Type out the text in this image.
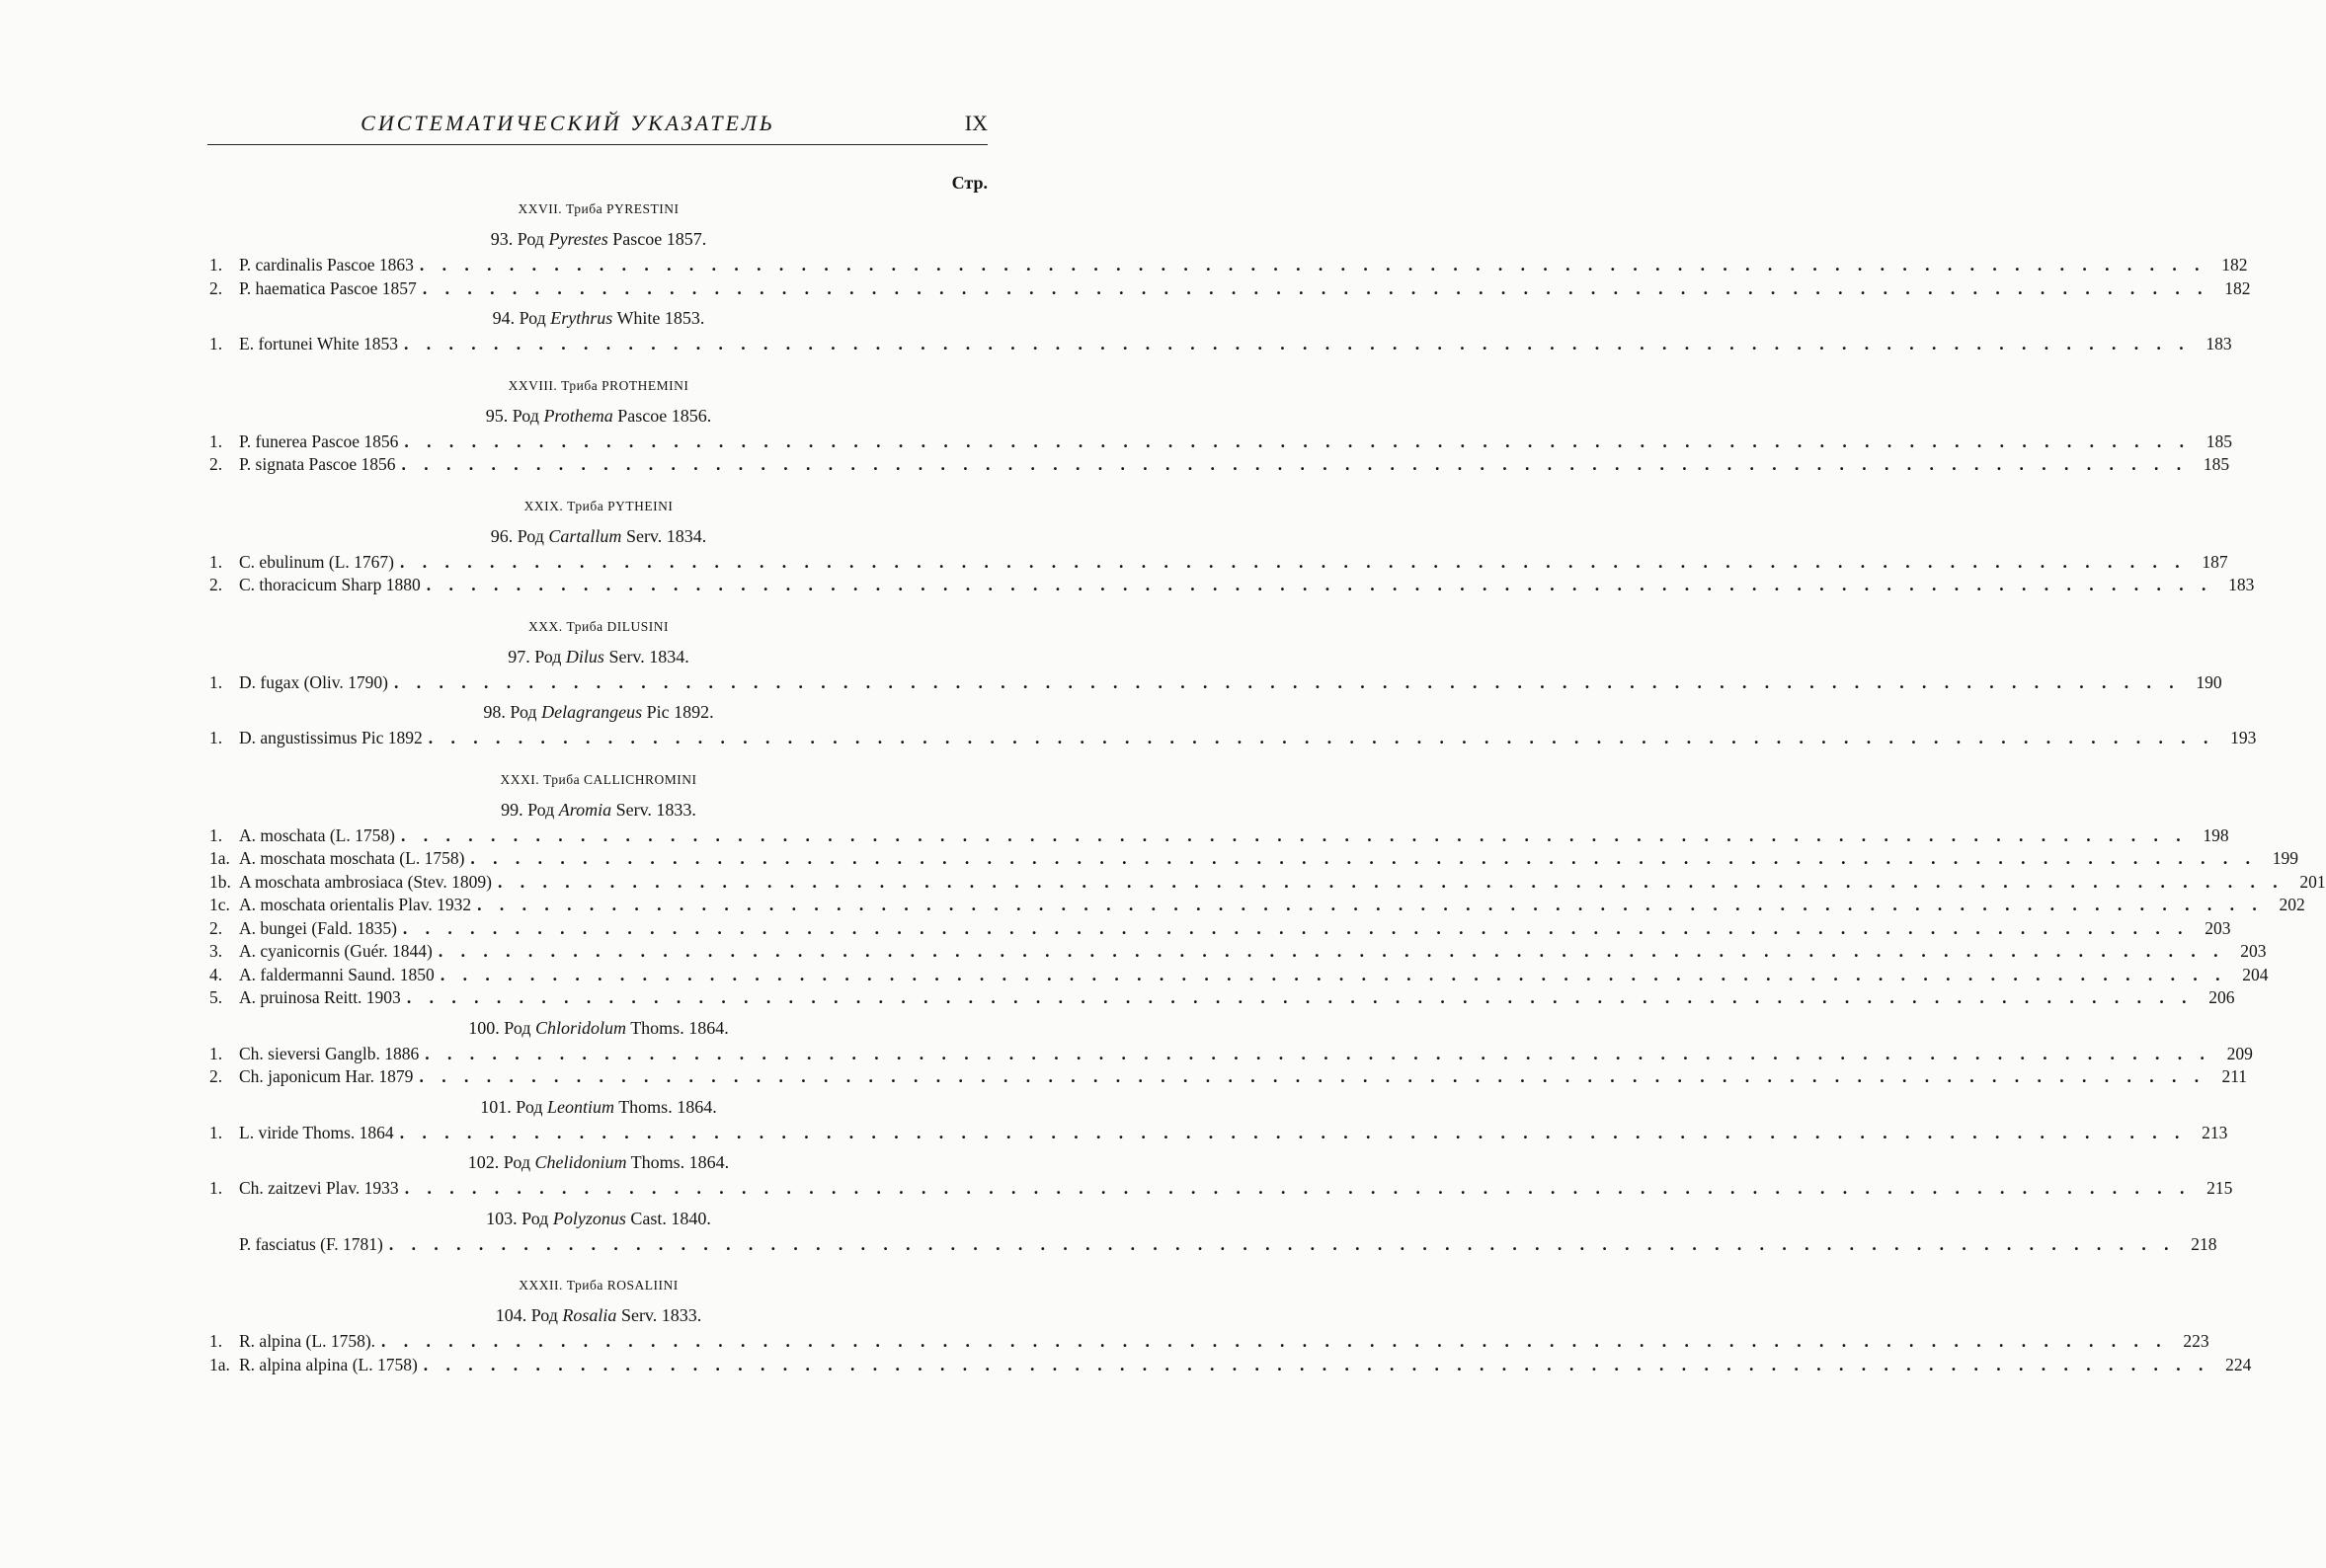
СИСТЕМАТИЧЕСКИЙ УКАЗАТЕЛЬ	IX
Стр.
XXVII. Триба PYRESTINI
93. Род Pyrestes Pascoe 1857.
1. P. cardinalis Pascoe 1863 . . . . . . . . . . . . . . . . . . . . . . . . . . . . . . . . . . . . . . . . . . . . . . . . . . . . . . . . . . . . . . . . . . . . . . . . . . . . . . . . 182
2. P. haematica Pascoe 1857 . . . . . . . . . . . . . . . . . . . . . . . . . . . . . . . . . . . . . . . . . . . . . . . . . . . . . . . . . . . . . . . . . . . . . . . . . . . . . . . . 182
94. Род Erythrus White 1853.
1. E. fortunei White 1853 . . . . . . . . . . . . . . . . . . . . . . . . . . . . . . . . . . . . . . . . . . . . . . . . . . . . . . . . . . . . . . . . . . . . . . . . . . . . . . . . 183
XXVIII. Триба PROTHEMINI
95. Род Prothema Pascoe 1856.
1. P. funerea Pascoe 1856 . . . . . . . . . . . . . . . . . . . . . . . . . . . . . . . . . . . . . . . . . . . . . . . . . . . . . . . . . . . . . . . . . . . . . . . . . . . . . . . . 185
2. P. signata Pascoe 1856 . . . . . . . . . . . . . . . . . . . . . . . . . . . . . . . . . . . . . . . . . . . . . . . . . . . . . . . . . . . . . . . . . . . . . . . . . . . . . . . . 185
XXIX. Триба PYTHEINI
96. Род Cartallum Serv. 1834.
1. C. ebulinum (L. 1767) . . . . . . . . . . . . . . . . . . . . . . . . . . . . . . . . . . . . . . . . . . . . . . . . . . . . . . . . . . . . . . . . . . . . . . . . . . . . . . . . 187
2. C. thoracicum Sharp 1880 . . . . . . . . . . . . . . . . . . . . . . . . . . . . . . . . . . . . . . . . . . . . . . . . . . . . . . . . . . . . . . . . . . . . . . . . . . . . . . . . 183
XXX. Триба DILUSINI
97. Род Dilus Serv. 1834.
1. D. fugax (Oliv. 1790) . . . . . . . . . . . . . . . . . . . . . . . . . . . . . . . . . . . . . . . . . . . . . . . . . . . . . . . . . . . . . . . . . . . . . . . . . . . . . . . . 190
98. Род Delagrangeus Pic 1892.
1. D. angustissimus Pic 1892 . . . . . . . . . . . . . . . . . . . . . . . . . . . . . . . . . . . . . . . . . . . . . . . . . . . . . . . . . . . . . . . . . . . . . . . . . . . . . . . . 193
XXXI. Триба CALLICHROMINI
99. Род Aromia Serv. 1833.
1. A. moschata (L. 1758) . . . . . . . . . . . . . . . . . . . . . . . . . . . . . . . . . . . . . . . . . . . . . . . . . . . . . . . . . . . . . . . . . . . . . . . . . . . . . . . . 198
1a. A. moschata moschata (L. 1758) . . . . . . . . . . . . . . . . . . . . . . . . . . . . . . . . . . . . . . . . . . . . . . . . . . . . . . . . . . . . . . . . . . . . . . . . . . . . . . . . 199
1b. A moschata ambrosiaca (Stev. 1809) . . . . . . . . . . . . . . . . . . . . . . . . . . . . . . . . . . . . . . . . . . . . . . . . . . . . . . . . . . . . . . . . . . . . . . . . . . . . . . . . 201
1c. A. moschata orientalis Plav. 1932 . . . . . . . . . . . . . . . . . . . . . . . . . . . . . . . . . . . . . . . . . . . . . . . . . . . . . . . . . . . . . . . . . . . . . . . . . . . . . . . . 202
2. A. bungei (Fald. 1835) . . . . . . . . . . . . . . . . . . . . . . . . . . . . . . . . . . . . . . . . . . . . . . . . . . . . . . . . . . . . . . . . . . . . . . . . . . . . . . . . 203
3. A. cyanicornis (Guér. 1844) . . . . . . . . . . . . . . . . . . . . . . . . . . . . . . . . . . . . . . . . . . . . . . . . . . . . . . . . . . . . . . . . . . . . . . . . . . . . . . . . 203
4. A. faldermanni Saund. 1850 . . . . . . . . . . . . . . . . . . . . . . . . . . . . . . . . . . . . . . . . . . . . . . . . . . . . . . . . . . . . . . . . . . . . . . . . . . . . . . . . 204
5. A. pruinosa Reitt. 1903 . . . . . . . . . . . . . . . . . . . . . . . . . . . . . . . . . . . . . . . . . . . . . . . . . . . . . . . . . . . . . . . . . . . . . . . . . . . . . . . . 206
100. Род Chloridolum Thoms. 1864.
1. Ch. sieversi Ganglb. 1886 . . . . . . . . . . . . . . . . . . . . . . . . . . . . . . . . . . . . . . . . . . . . . . . . . . . . . . . . . . . . . . . . . . . . . . . . . . . . . . . . 209
2. Ch. japonicum Har. 1879 . . . . . . . . . . . . . . . . . . . . . . . . . . . . . . . . . . . . . . . . . . . . . . . . . . . . . . . . . . . . . . . . . . . . . . . . . . . . . . . . 211
101. Род Leontium Thoms. 1864.
1. L. viride Thoms. 1864 . . . . . . . . . . . . . . . . . . . . . . . . . . . . . . . . . . . . . . . . . . . . . . . . . . . . . . . . . . . . . . . . . . . . . . . . . . . . . . . . 213
102. Род Chelidonium Thoms. 1864.
1. Ch. zaitzevi Plav. 1933 . . . . . . . . . . . . . . . . . . . . . . . . . . . . . . . . . . . . . . . . . . . . . . . . . . . . . . . . . . . . . . . . . . . . . . . . . . . . . . . . 215
103. Род Polyzonus Cast. 1840.
P. fasciatus (F. 1781) . . . . . . . . . . . . . . . . . . . . . . . . . . . . . . . . . . . . . . . . . . . . . . . . . . . . . . . . . . . . . . . . . . . . . . . . . . . . . . . . 218
XXXII. Триба ROSALIINI
104. Род Rosalia Serv. 1833.
1. R. alpina (L. 1758). . . . . . . . . . . . . . . . . . . . . . . . . . . . . . . . . . . . . . . . . . . . . . . . . . . . . . . . . . . . . . . . . . . . . . . . . . . . . . . . . 223
1a. R. alpina alpina (L. 1758) . . . . . . . . . . . . . . . . . . . . . . . . . . . . . . . . . . . . . . . . . . . . . . . . . . . . . . . . . . . . . . . . . . . . . . . . . . . . . . . . 224
